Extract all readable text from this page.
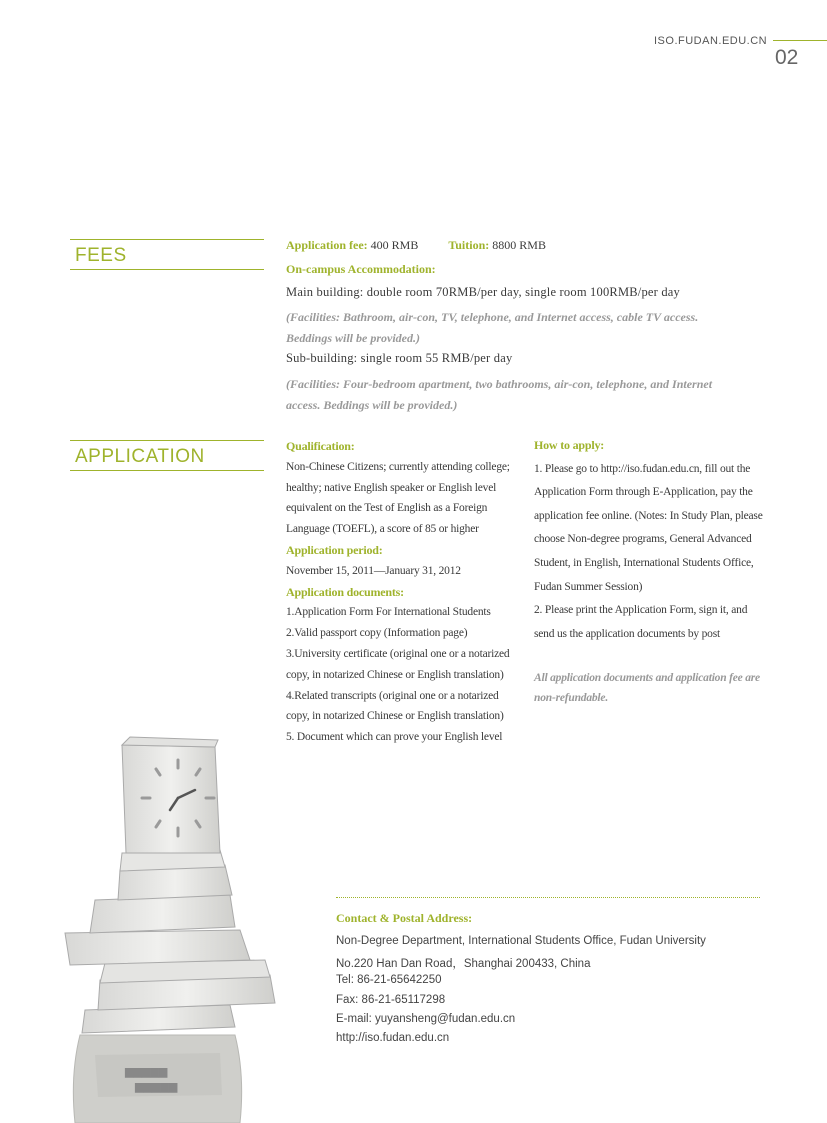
ISO.FUDAN.EDU.CN
02
FEES	Application fee: 400 RMB	Tuition: 8800 RMB
On-campus Accommodation:
Main building: double room 70RMB/per day, single room 100RMB/per day
(Facilities: Bathroom, air-con, TV, telephone, and Internet access, cable TV access. Beddings will be provided.)
Sub-building: single room 55 RMB/per day
(Facilities: Four-bedroom apartment, two bathrooms, air-con, telephone, and Internet access. Beddings will be provided.)
APPLICATION	Qualification:
Non-Chinese Citizens; currently attending college; healthy; native English speaker or English level equivalent on the Test of English as a Foreign Language (TOEFL), a score of 85 or higher
Application period:
November 15, 2011—January 31, 2012
Application documents:
1.Application Form For International Students
2.Valid passport copy (Information page)
3.University certificate (original one or a notarized copy, in notarized Chinese or English translation)
4.Related transcripts (original one or a notarized copy, in notarized Chinese or English translation)
5. Document which can prove your English level
How to apply:
1. Please go to http://iso.fudan.edu.cn, fill out the Application Form through E-Application, pay the application fee online. (Notes: In Study Plan, please choose Non-degree programs, General Advanced Student, in English, International Students Office, Fudan Summer Session)
2. Please print the Application Form, sign it, and send us the application documents by post
All application documents and application fee are non-refundable.
▆▆▆▆▆
▆▆▆▆▆
Contact & Postal Address:
Non-Degree Department, International Students Office, Fudan University
No.220 Han Dan Road，Shanghai 200433, China
Tel: 86-21-65642250
Fax: 86-21-65117298
E-mail: yuyansheng@fudan.edu.cn
http://iso.fudan.edu.cn
